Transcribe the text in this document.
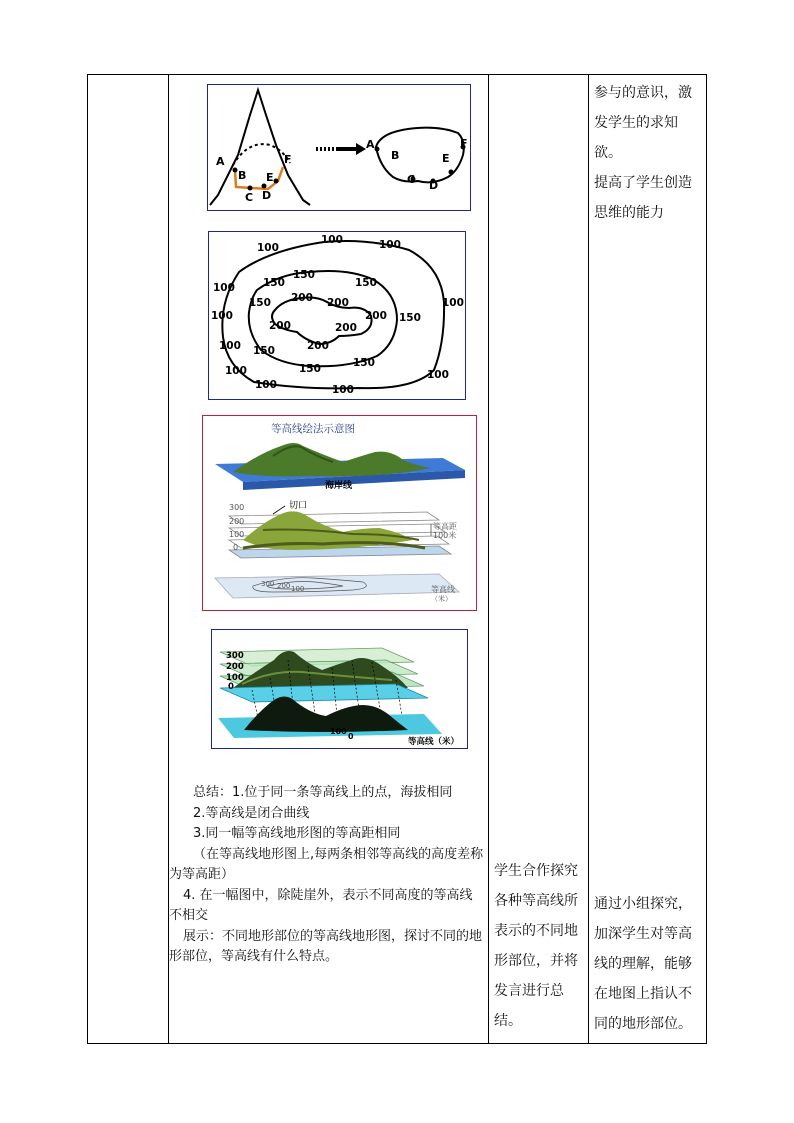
A
B
C D
E
F
A
B
C D
E
F
100
100	100
100
100
100
100
100
100	100
100
150
150	150
150
150
150
150	150
200 200
200
200	200
200
等高线绘法示意图
海岸线
切口
300
200
100
0
等高距
100米
300 200 100	等高线
（米）
300
200
100
0
100
0
等高线（米）
总结：1.位于同一条等高线上的点，海拔相同
2.等高线是闭合曲线
3.同一幅等高线地形图的等高距相同
（在等高线地形图上,每两条相邻等高线的高度差称为等高距）
4. 在一幅图中，除陡崖外，表示不同高度的等高线不相交
展示：不同地形部位的等高线地形图，探讨不同的地形部位，等高线有什么特点。
学生合作探究
各种等高线所
表示的不同地
形部位，并将
发言进行总结。
参与的意识，激
发学生的求知欲。
提高了学生创造
思维的能力
通过小组探究，
加深学生对等高
线的理解，能够
在地图上指认不
同的地形部位。
